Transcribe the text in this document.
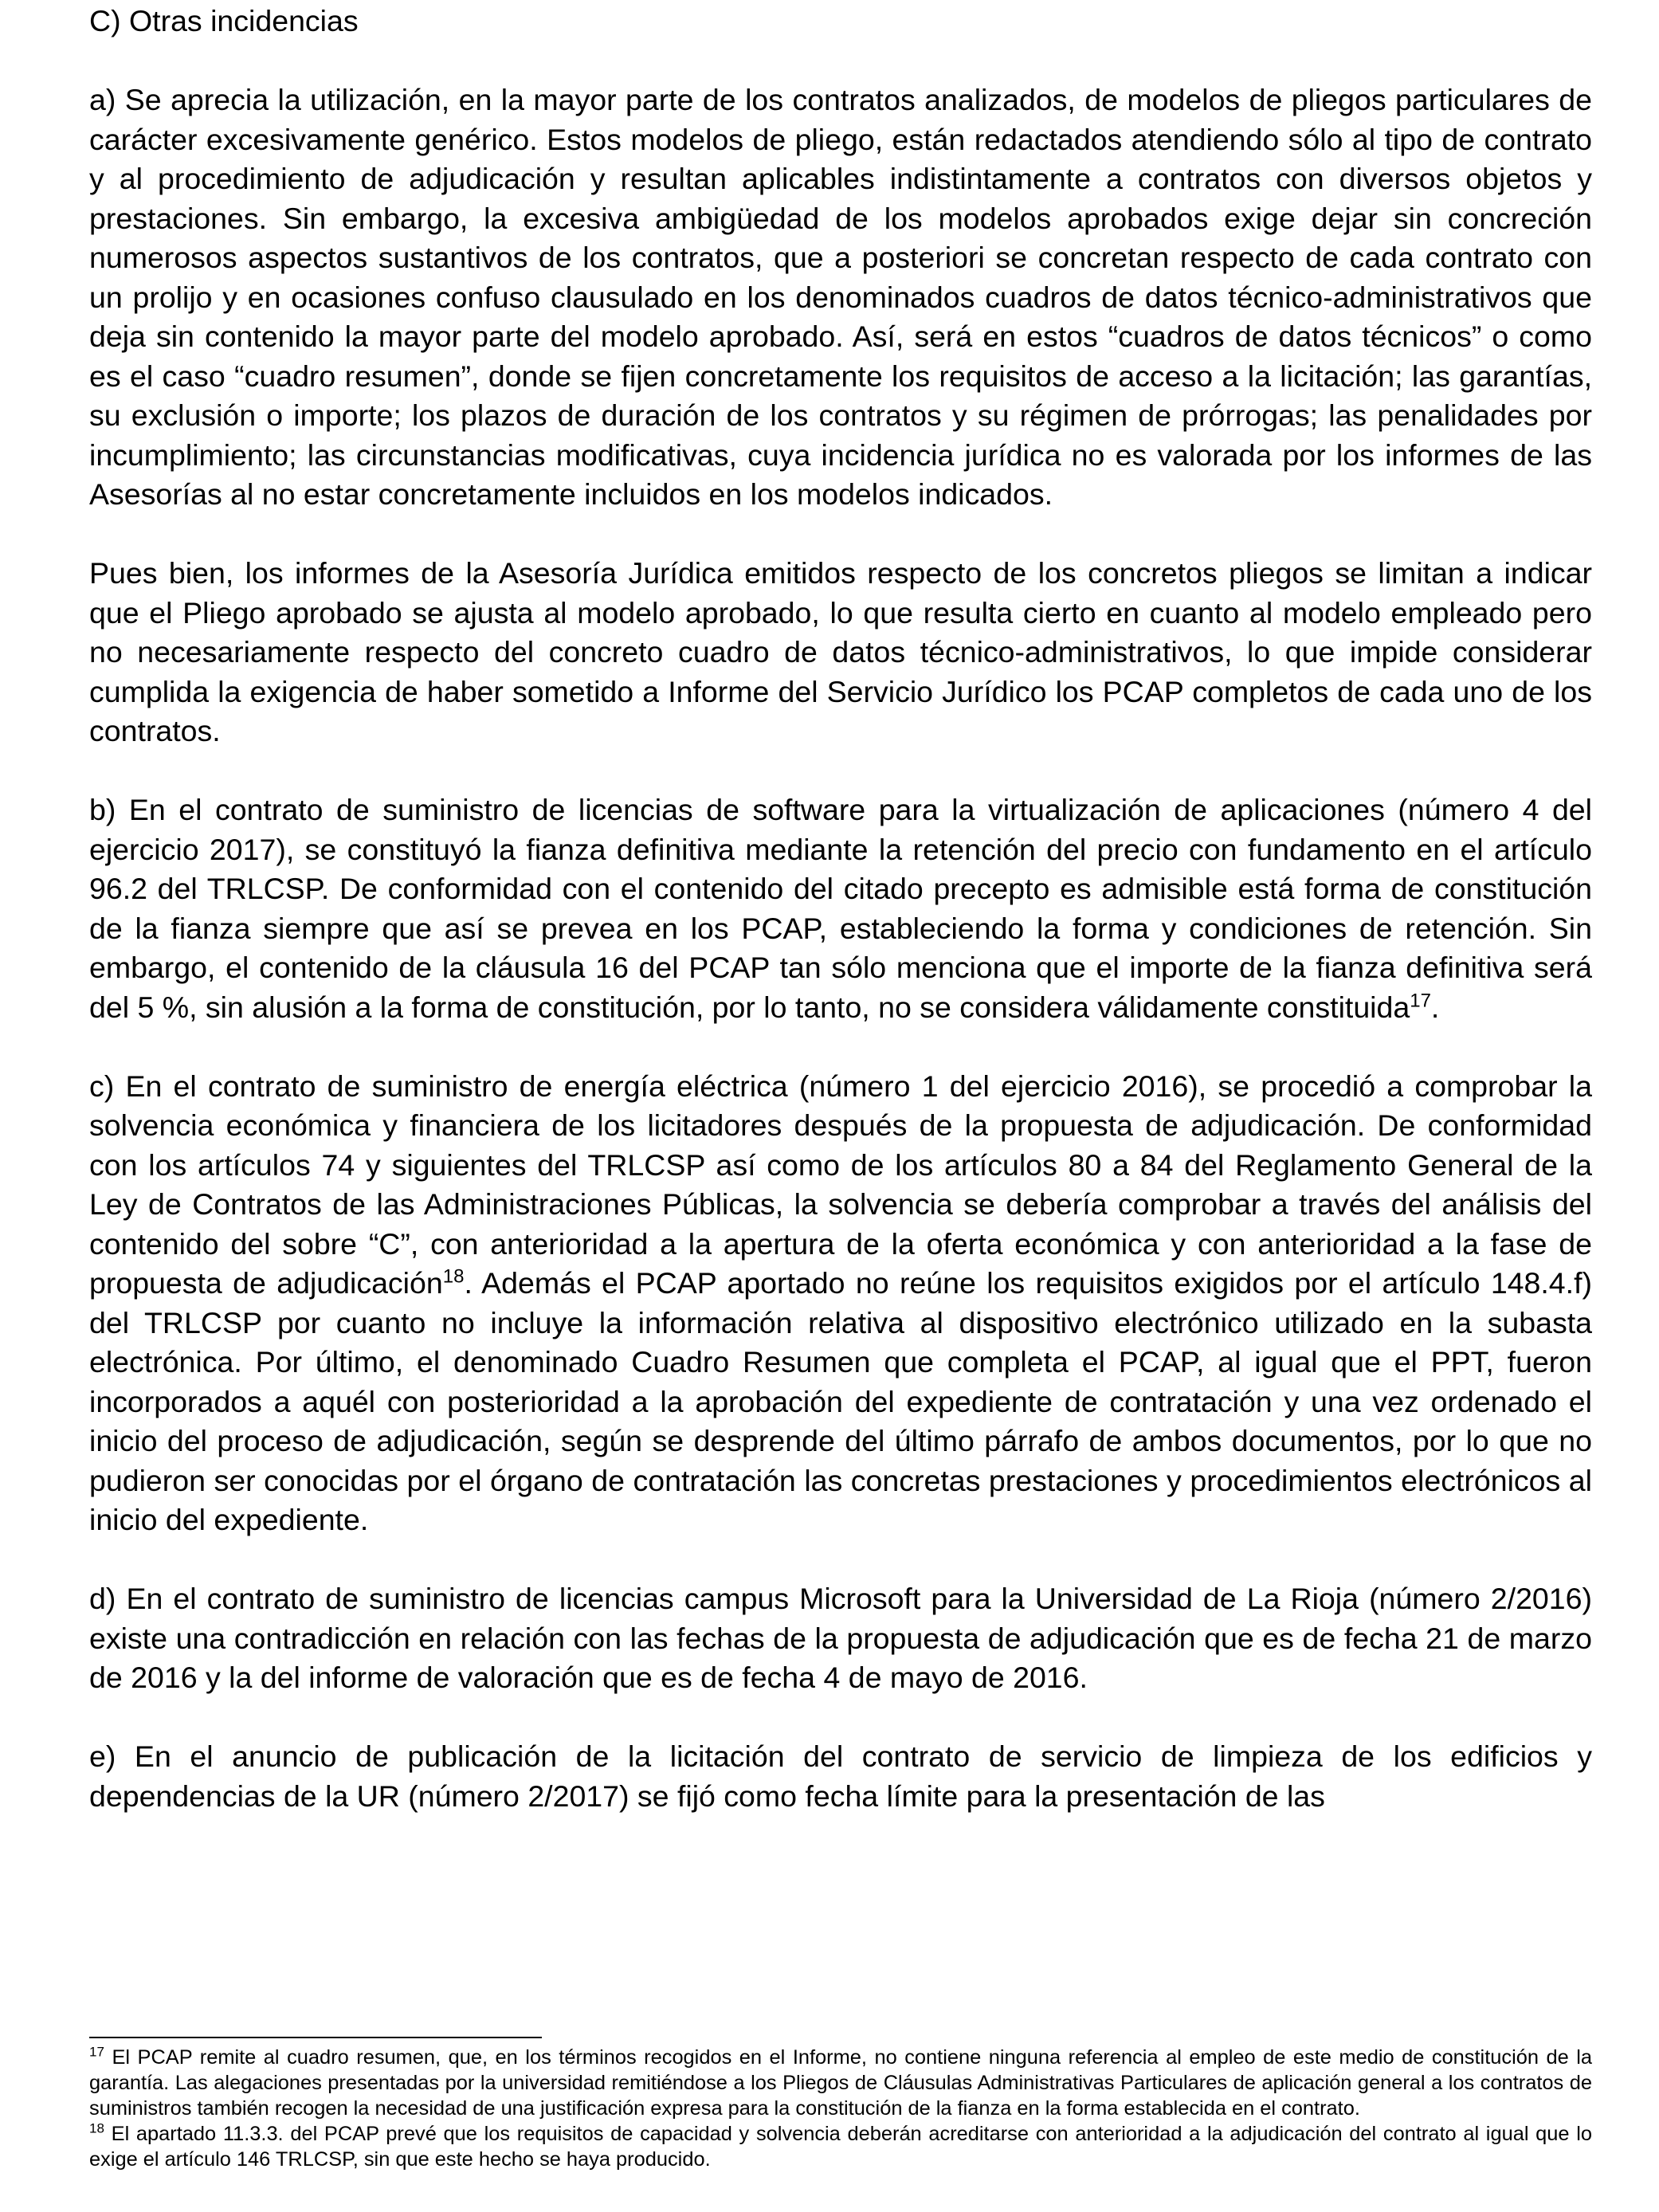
C) Otras incidencias

a) Se aprecia la utilización, en la mayor parte de los contratos analizados, de modelos de pliegos particulares de carácter excesivamente genérico. Estos modelos de pliego, están redactados atendiendo sólo al tipo de contrato y al procedimiento de adjudicación y resultan aplicables indistintamente a contratos con diversos objetos y prestaciones. Sin embargo, la excesiva ambigüedad de los modelos aprobados exige dejar sin concreción numerosos aspectos sustantivos de los contratos, que a posteriori se concretan respecto de cada contrato con un prolijo y en ocasiones confuso clausulado en los denominados cuadros de datos técnico-administrativos que deja sin contenido la mayor parte del modelo aprobado. Así, será en estos “cuadros de datos técnicos” o como es el caso “cuadro resumen”, donde se fijen concretamente los requisitos de acceso a la licitación; las garantías, su exclusión o importe; los plazos de duración de los contratos y su régimen de prórrogas; las penalidades por incumplimiento; las circunstancias modificativas, cuya incidencia jurídica no es valorada por los informes de las Asesorías al no estar concretamente incluidos en los modelos indicados.

Pues bien, los informes de la Asesoría Jurídica emitidos respecto de los concretos pliegos se limitan a indicar que el Pliego aprobado se ajusta al modelo aprobado, lo que resulta cierto en cuanto al modelo empleado pero no necesariamente respecto del concreto cuadro de datos técnico-administrativos, lo que impide considerar cumplida la exigencia de haber sometido a Informe del Servicio Jurídico los PCAP completos de cada uno de los contratos.

b) En el contrato de suministro de licencias de software para la virtualización de aplicaciones (número 4 del ejercicio 2017), se constituyó la fianza definitiva mediante la retención del precio con fundamento en el artículo 96.2 del TRLCSP. De conformidad con el contenido del citado precepto es admisible está forma de constitución de la fianza siempre que así se prevea en los PCAP, estableciendo la forma y condiciones de retención. Sin embargo, el contenido de la cláusula 16 del PCAP tan sólo menciona que el importe de la fianza definitiva será del 5 %, sin alusión a la forma de constitución, por lo tanto, no se considera válidamente constituida$^{17}$.

c) En el contrato de suministro de energía eléctrica (número 1 del ejercicio 2016), se procedió a comprobar la solvencia económica y financiera de los licitadores después de la propuesta de adjudicación. De conformidad con los artículos 74 y siguientes del TRLCSP así como de los artículos 80 a 84 del Reglamento General de la Ley de Contratos de las Administraciones Públicas, la solvencia se debería comprobar a través del análisis del contenido del sobre “C”, con anterioridad a la apertura de la oferta económica y con anterioridad a la fase de propuesta de adjudicación$^{18}$. Además el PCAP aportado no reúne los requisitos exigidos por el artículo 148.4.f) del TRLCSP por cuanto no incluye la información relativa al dispositivo electrónico utilizado en la subasta electrónica. Por último, el denominado Cuadro Resumen que completa el PCAP, al igual que el PPT, fueron incorporados a aquél con posterioridad a la aprobación del expediente de contratación y una vez ordenado el inicio del proceso de adjudicación, según se desprende del último párrafo de ambos documentos, por lo que no pudieron ser conocidas por el órgano de contratación las concretas prestaciones y procedimientos electrónicos al inicio del expediente.

d) En el contrato de suministro de licencias campus Microsoft para la Universidad de La Rioja (número 2/2016) existe una contradicción en relación con las fechas de la propuesta de adjudicación que es de fecha 21 de marzo de 2016 y la del informe de valoración que es de fecha 4 de mayo de 2016.

e) En el anuncio de publicación de la licitación del contrato de servicio de limpieza de los edificios y dependencias de la UR (número 2/2017) se fijó como fecha límite para la presentación de las

$^{17}$ El PCAP remite al cuadro resumen, que, en los términos recogidos en el Informe, no contiene ninguna referencia al empleo de este medio de constitución de la garantía. Las alegaciones presentadas por la universidad remitiéndose a los Pliegos de Cláusulas Administrativas Particulares de aplicación general a los contratos de suministros también recogen la necesidad de una justificación expresa para la constitución de la fianza en la forma establecida en el contrato.

$^{18}$ El apartado 11.3.3. del PCAP prevé que los requisitos de capacidad y solvencia deberán acreditarse con anterioridad a la adjudicación del contrato al igual que lo exige el artículo 146 TRLCSP, sin que este hecho se haya producido.
